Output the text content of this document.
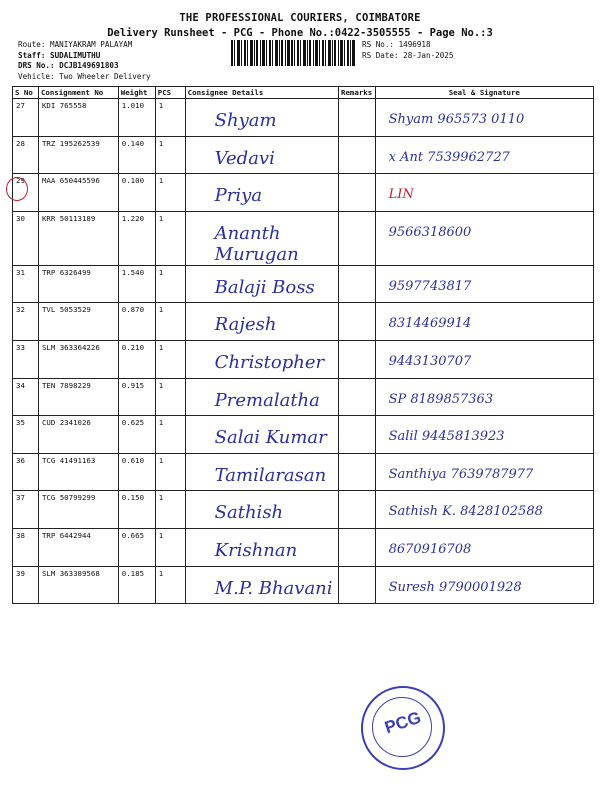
THE PROFESSIONAL COURIERS, COIMBATORE
Delivery Runsheet - PCG - Phone No.:0422-3505555 - Page No.:3
Route: MANIYAKRAM PALAYAM
Staff: SUDALIMUTHU
DRS No.: DCJB149691803
Vehicle: Two Wheeler Delivery
RS No.: 1496918
RS Date: 28-Jan-2025
S No	Consignment No	Weight	PCS	Consignee Details	Remarks	Seal & Signature
27	KDI 765558	1.010	1	Shyam		Shyam 965573 0110

28	TRZ 195262539	0.140	1	Vedavi		x Ant 7539962727

29	MAA 650445596	0.100	1	Priya		LIN

30	KRR 50113189	1.220	1	Ananth Murugan		9566318600

31	TRP 6326499	1.540	1	Balaji Boss		9597743817

32	TVL 5053529	0.870	1	Rajesh		8314469914

33	SLM 363364226	0.210	1	Christopher		9443130707

34	TEN 7898229	0.915	1	Premalatha		SP 8189857363

35	CUD 2341026	0.625	1	Salai Kumar		Salil 9445813923

36	TCG 41491163	0.610	1	Tamilarasan		Santhiya 7639787977

37	TCG 50799299	0.150	1	Sathish		Sathish K. 8428102588

38	TRP 6442944	0.665	1	Krishnan		8670916708

39	SLM 363389568	0.185	1	M.P. Bhavani		Suresh 9790001928
PCG
